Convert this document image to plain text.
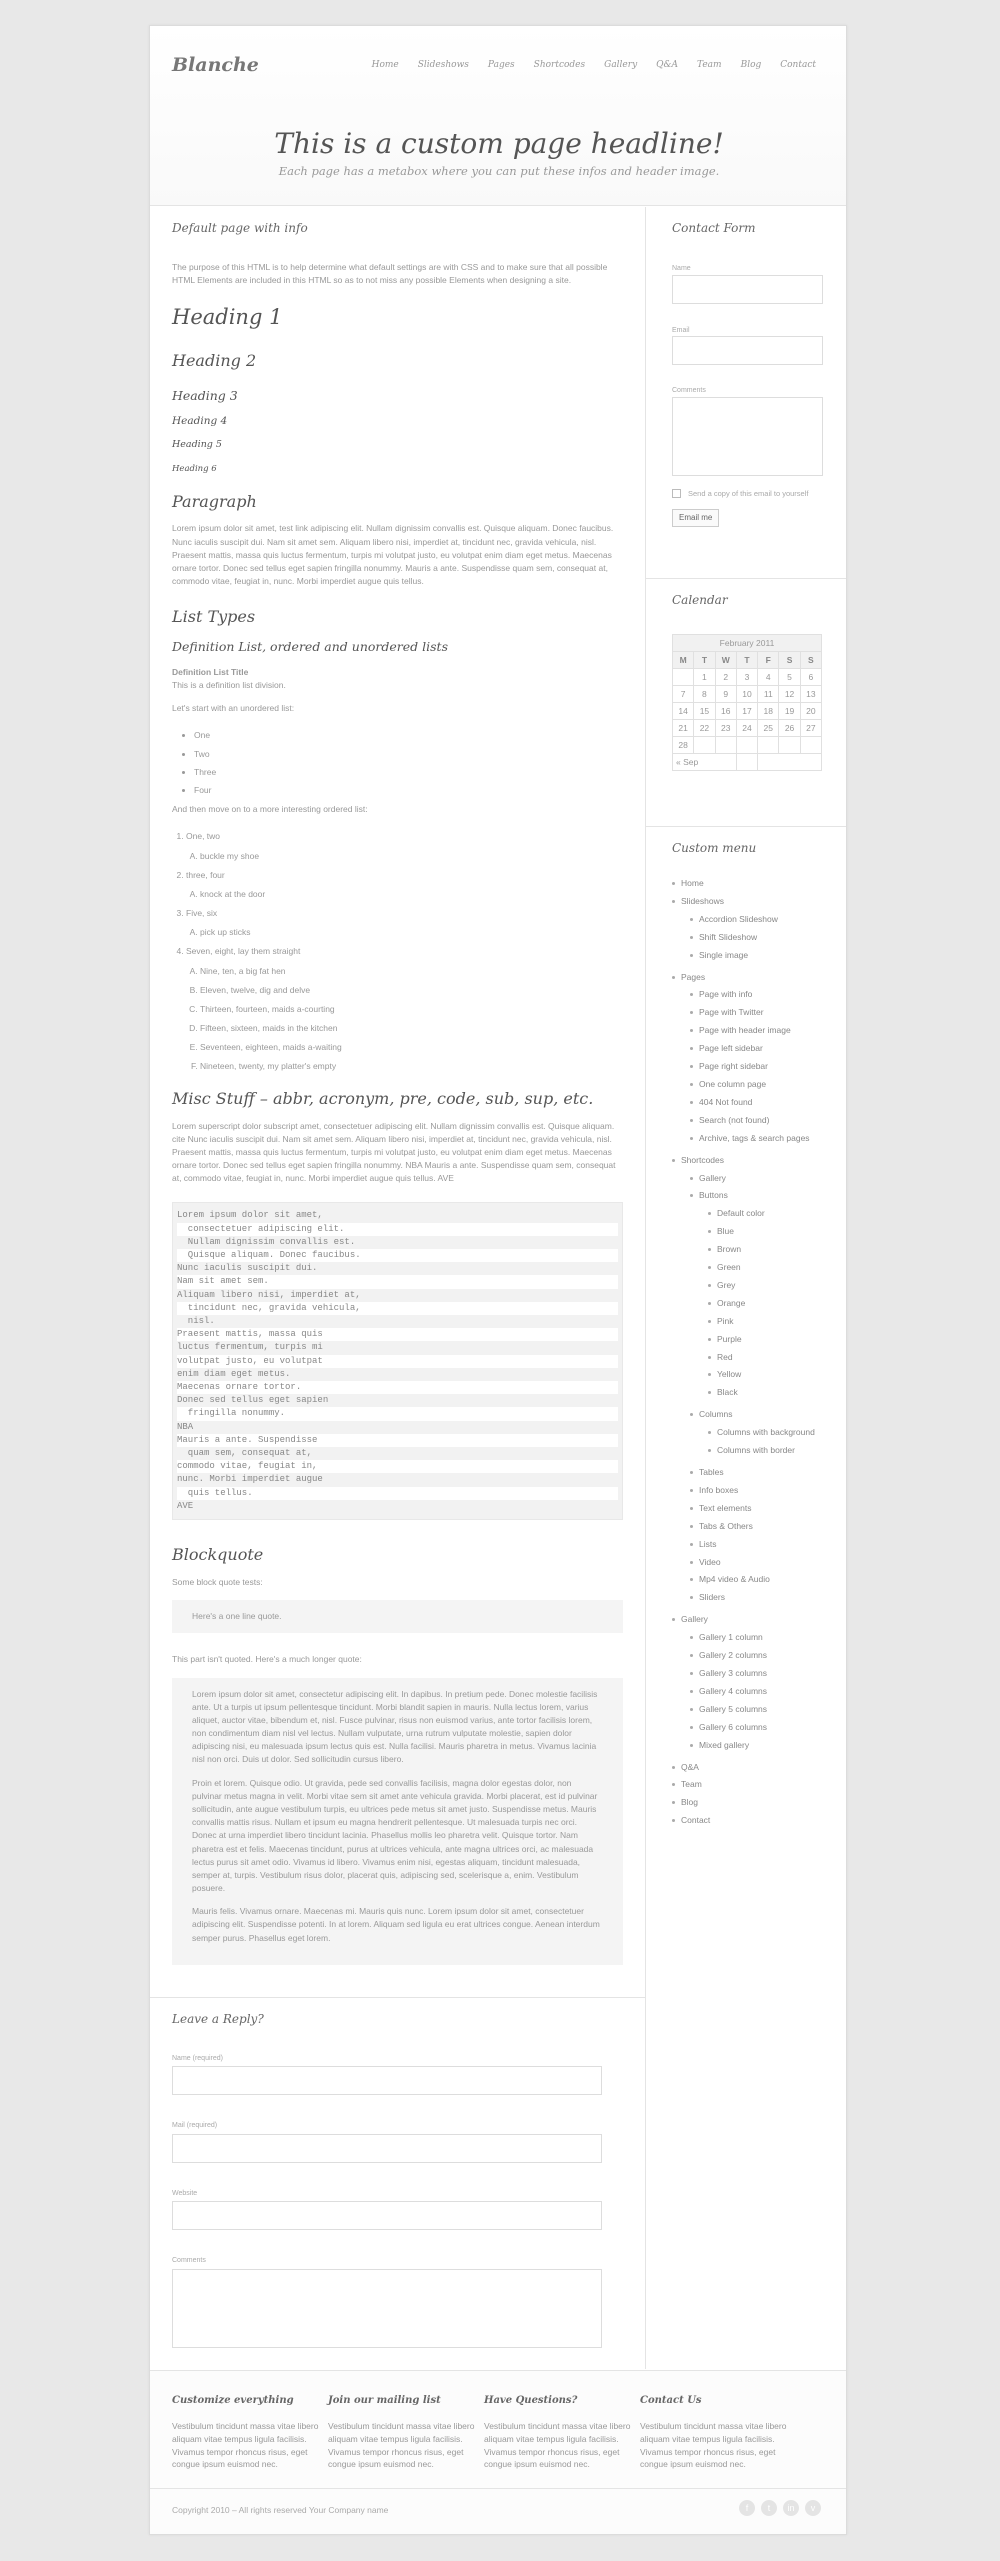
Blanche	Home Slideshows Pages Shortcodes Gallery Q&A Team Blog Contact
This is a custom page headline!
Each page has a metabox where you can put these infos and header image.
Default page with info
The purpose of this HTML is to help determine what default settings are with CSS and to make sure that all possible HTML Elements are included in this HTML so as to not miss any possible Elements when designing a site.
Heading 1
Heading 2
Heading 3
Heading 4
Heading 5
Heading 6
Paragraph
Lorem ipsum dolor sit amet, test link adipiscing elit. Nullam dignissim convallis est. Quisque aliquam. Donec faucibus. Nunc iaculis suscipit dui. Nam sit amet sem. Aliquam libero nisi, imperdiet at, tincidunt nec, gravida vehicula, nisl. Praesent mattis, massa quis luctus fermentum, turpis mi volutpat justo, eu volutpat enim diam eget metus. Maecenas ornare tortor. Donec sed tellus eget sapien fringilla nonummy. Mauris a ante. Suspendisse quam sem, consequat at, commodo vitae, feugiat in, nunc. Morbi imperdiet augue quis tellus.
List Types
Definition List, ordered and unordered lists
Definition List Title
This is a definition list division.
Let's start with an unordered list:
• One
• Two
• Three
• Four
And then move on to a more interesting ordered list:
1. One, two
A. buckle my shoe
2. three, four
A. knock at the door
3. Five, six
A. pick up sticks
4. Seven, eight, lay them straight
A. Nine, ten, a big fat hen
B. Eleven, twelve, dig and delve
C. Thirteen, fourteen, maids a-courting
D. Fifteen, sixteen, maids in the kitchen
E. Seventeen, eighteen, maids a-waiting
F. Nineteen, twenty, my platter's empty
Misc Stuff – abbr, acronym, pre, code, sub, sup, etc.
Lorem superscript dolor subscript amet, consectetuer adipiscing elit. Nullam dignissim convallis est. Quisque aliquam. cite Nunc iaculis suscipit dui. Nam sit amet sem. Aliquam libero nisi, imperdiet at, tincidunt nec, gravida vehicula, nisl. Praesent mattis, massa quis luctus fermentum, turpis mi volutpat justo, eu volutpat enim diam eget metus. Maecenas ornare tortor. Donec sed tellus eget sapien fringilla nonummy. NBA Mauris a ante. Suspendisse quam sem, consequat at, commodo vitae, feugiat in, nunc. Morbi imperdiet augue quis tellus. AVE
Lorem ipsum dolor sit amet,
consectetuer adipiscing elit.
Nullam dignissim convallis est.
Quisque aliquam. Donec faucibus.
Nunc iaculis suscipit dui.
Nam sit amet sem.
Aliquam libero nisi, imperdiet at,
tincidunt nec, gravida vehicula,
nisl.
Praesent mattis, massa quis
luctus fermentum, turpis mi
volutpat justo, eu volutpat
enim diam eget metus.
Maecenas ornare tortor.
Donec sed tellus eget sapien
fringilla nonummy.
NBA
Mauris a ante. Suspendisse
quam sem, consequat at,
commodo vitae, feugiat in,
nunc. Morbi imperdiet augue
quis tellus.
AVE
Blockquote
Some block quote tests:
Here's a one line quote.
This part isn't quoted. Here's a much longer quote:
Lorem ipsum dolor sit amet, consectetur adipiscing elit. In dapibus. In pretium pede. Donec molestie facilisis ante. Ut a turpis ut ipsum pellentesque tincidunt. Morbi blandit sapien in mauris. Nulla lectus lorem, varius aliquet, auctor vitae, bibendum et, nisl. Fusce pulvinar, risus non euismod varius, ante tortor facilisis lorem, non condimentum diam nisl vel lectus. Nullam vulputate, urna rutrum vulputate molestie, sapien dolor adipiscing nisi, eu malesuada ipsum lectus quis est. Nulla facilisi. Mauris pharetra in metus. Vivamus lacinia nisl non orci. Duis ut dolor. Sed sollicitudin cursus libero.
Proin et lorem. Quisque odio. Ut gravida, pede sed convallis facilisis, magna dolor egestas dolor, non pulvinar metus magna in velit. Morbi vitae sem sit amet ante vehicula gravida. Morbi placerat, est id pulvinar sollicitudin, ante augue vestibulum turpis, eu ultrices pede metus sit amet justo. Suspendisse metus. Mauris convallis mattis risus. Nullam et ipsum eu magna hendrerit pellentesque. Ut malesuada turpis nec orci. Donec at urna imperdiet libero tincidunt lacinia. Phasellus mollis leo pharetra velit. Quisque tortor. Nam pharetra est et felis. Maecenas tincidunt, purus at ultrices vehicula, ante magna ultrices orci, ac malesuada lectus purus sit amet odio. Vivamus id libero. Vivamus enim nisi, egestas aliquam, tincidunt malesuada, semper at, turpis. Vestibulum risus dolor, placerat quis, adipiscing sed, scelerisque a, enim. Vestibulum posuere.
Mauris felis. Vivamus ornare. Maecenas mi. Mauris quis nunc. Lorem ipsum dolor sit amet, consectetuer adipiscing elit. Suspendisse potenti. In at lorem. Aliquam sed ligula eu erat ultrices congue. Aenean interdum semper purus. Phasellus eget lorem.
Leave a Reply?
Name (required)
Mail (required)
Website
Comments
Contact Form
Name
Email
Comments
Send a copy of this email to yourself
Email me
Calendar
February 2011						
M	T	W	T	F	S	S
	1	2	3	4	5	6
7	8	9	10	11	12	13
14	15	16	17	18	19	20
21	22	23	24	25	26	27
28						
« Sep						
Custom menu
Home
Slideshows
Accordion Slideshow
Shift Slideshow
Single image
Pages
Page with info
Page with Twitter
Page with header image
Page left sidebar
Page right sidebar
One column page
404 Not found
Search (not found)
Archive, tags & search pages
Shortcodes
Gallery
Buttons
Default color
Blue
Brown
Green
Grey
Orange
Pink
Purple
Red
Yellow
Black
Columns
Columns with background
Columns with border
Tables
Info boxes
Text elements
Tabs & Others
Lists
Video
Mp4 video & Audio
Sliders
Gallery
Gallery 1 column
Gallery 2 columns
Gallery 3 columns
Gallery 4 columns
Gallery 5 columns
Gallery 6 columns
Mixed gallery
Q&A
Team
Blog
Contact
Customize everything
Vestibulum tincidunt massa vitae libero aliquam vitae tempus ligula facilisis. Vivamus tempor rhoncus risus, eget congue ipsum euismod nec.
Join our mailing list
Vestibulum tincidunt massa vitae libero aliquam vitae tempus ligula facilisis. Vivamus tempor rhoncus risus, eget congue ipsum euismod nec.
Have Questions?
Vestibulum tincidunt massa vitae libero aliquam vitae tempus ligula facilisis. Vivamus tempor rhoncus risus, eget congue ipsum euismod nec.
Contact Us
Vestibulum tincidunt massa vitae libero aliquam vitae tempus ligula facilisis. Vivamus tempor rhoncus risus, eget congue ipsum euismod nec.
Copyright 2010 – All rights reserved Your Company name	f	t	in	v
